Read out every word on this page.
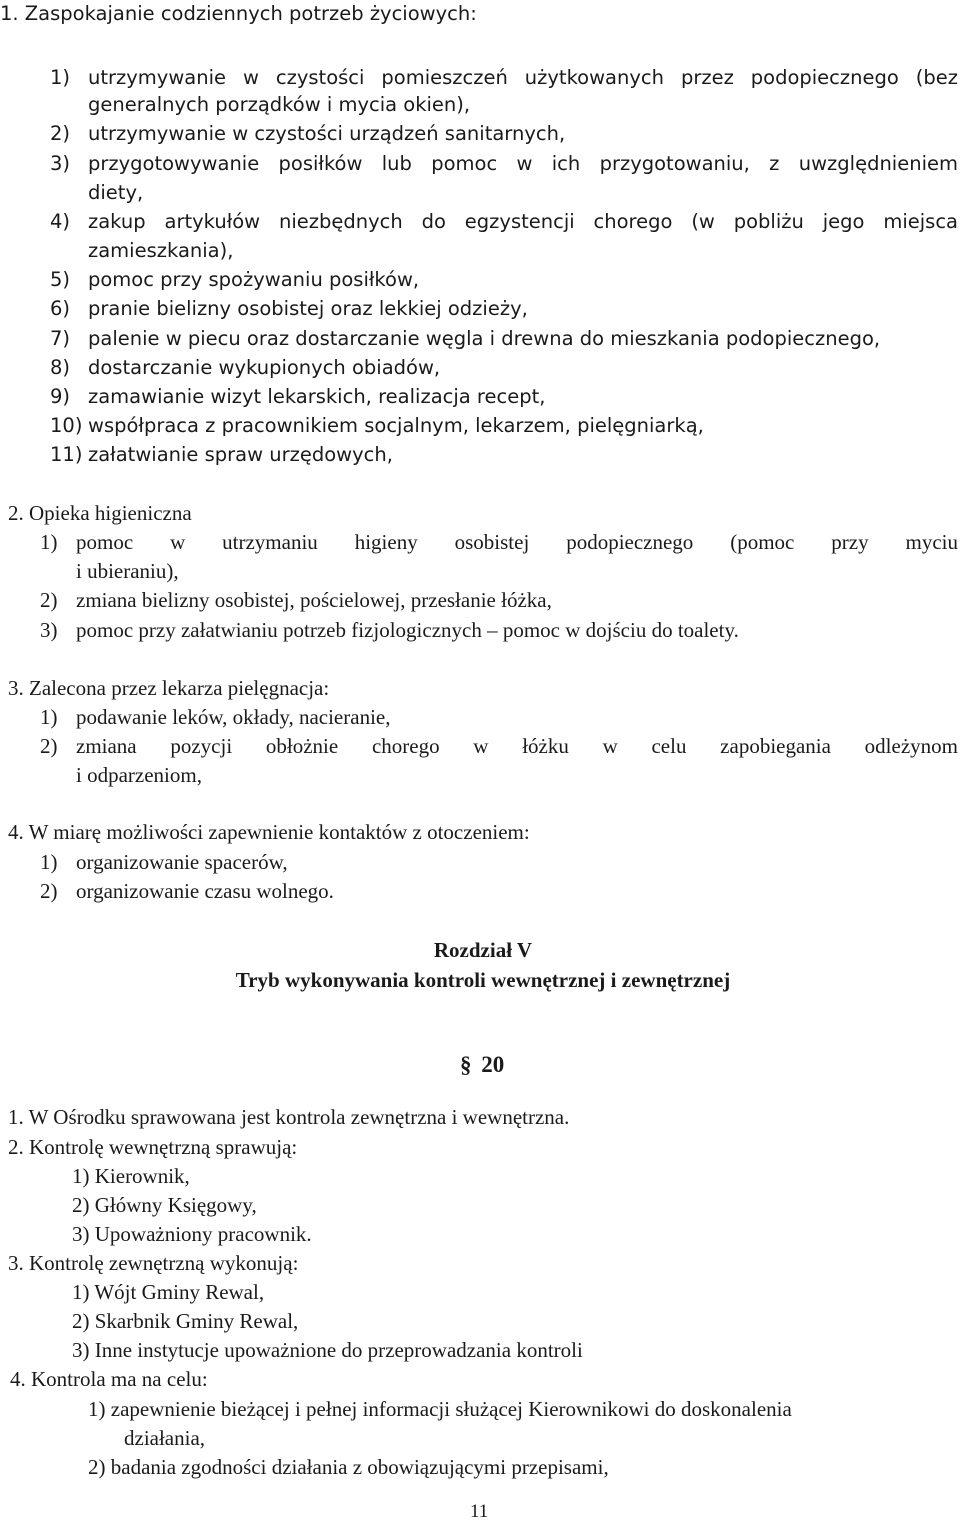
1. Zaspokajanie codziennych potrzeb życiowych:
1) utrzymywanie w czystości pomieszczeń użytkowanych przez podopiecznego (bez
generalnych porządków i mycia okien),
2) utrzymywanie w czystości urządzeń sanitarnych,
3) przygotowywanie posiłków lub pomoc w ich przygotowaniu, z uwzględnieniem
diety,
4) zakup artykułów niezbędnych do egzystencji chorego (w pobliżu jego miejsca
zamieszkania),
5) pomoc przy spożywaniu posiłków,
6) pranie bielizny osobistej oraz lekkiej odzieży,
7) palenie w piecu oraz dostarczanie węgla i drewna do mieszkania podopiecznego,
8) dostarczanie wykupionych obiadów,
9) zamawianie wizyt lekarskich, realizacja recept,
10) współpraca z pracownikiem socjalnym, lekarzem, pielęgniarką,
11) załatwianie spraw urzędowych,
2. Opieka higieniczna
1) pomoc w utrzymaniu higieny osobistej podopiecznego (pomoc przy myciu
i ubieraniu),
2) zmiana bielizny osobistej, pościelowej, przesłanie łóżka,
3) pomoc przy załatwianiu potrzeb fizjologicznych – pomoc w dojściu do toalety.
3. Zalecona przez lekarza pielęgnacja:
1) podawanie leków, okłady, nacieranie,
2) zmiana pozycji obłożnie chorego w łóżku w celu zapobiegania odleżynom
i odparzeniom,
4. W miarę możliwości zapewnienie kontaktów z otoczeniem:
1) organizowanie spacerów,
2) organizowanie czasu wolnego.
Rozdział V
Tryb wykonywania kontroli wewnętrznej i zewnętrznej
§ 20
1. W Ośrodku sprawowana jest kontrola zewnętrzna i wewnętrzna.
2. Kontrolę wewnętrzną sprawują:
1) Kierownik,
2) Główny Księgowy,
3) Upoważniony pracownik.
3. Kontrolę zewnętrzną wykonują:
1) Wójt Gminy Rewal,
2) Skarbnik Gminy Rewal,
3) Inne instytucje upoważnione do przeprowadzania kontroli
4. Kontrola ma na celu:
1) zapewnienie bieżącej i pełnej informacji służącej Kierownikowi do doskonalenia
działania,
2) badania zgodności działania z obowiązującymi przepisami,
11
